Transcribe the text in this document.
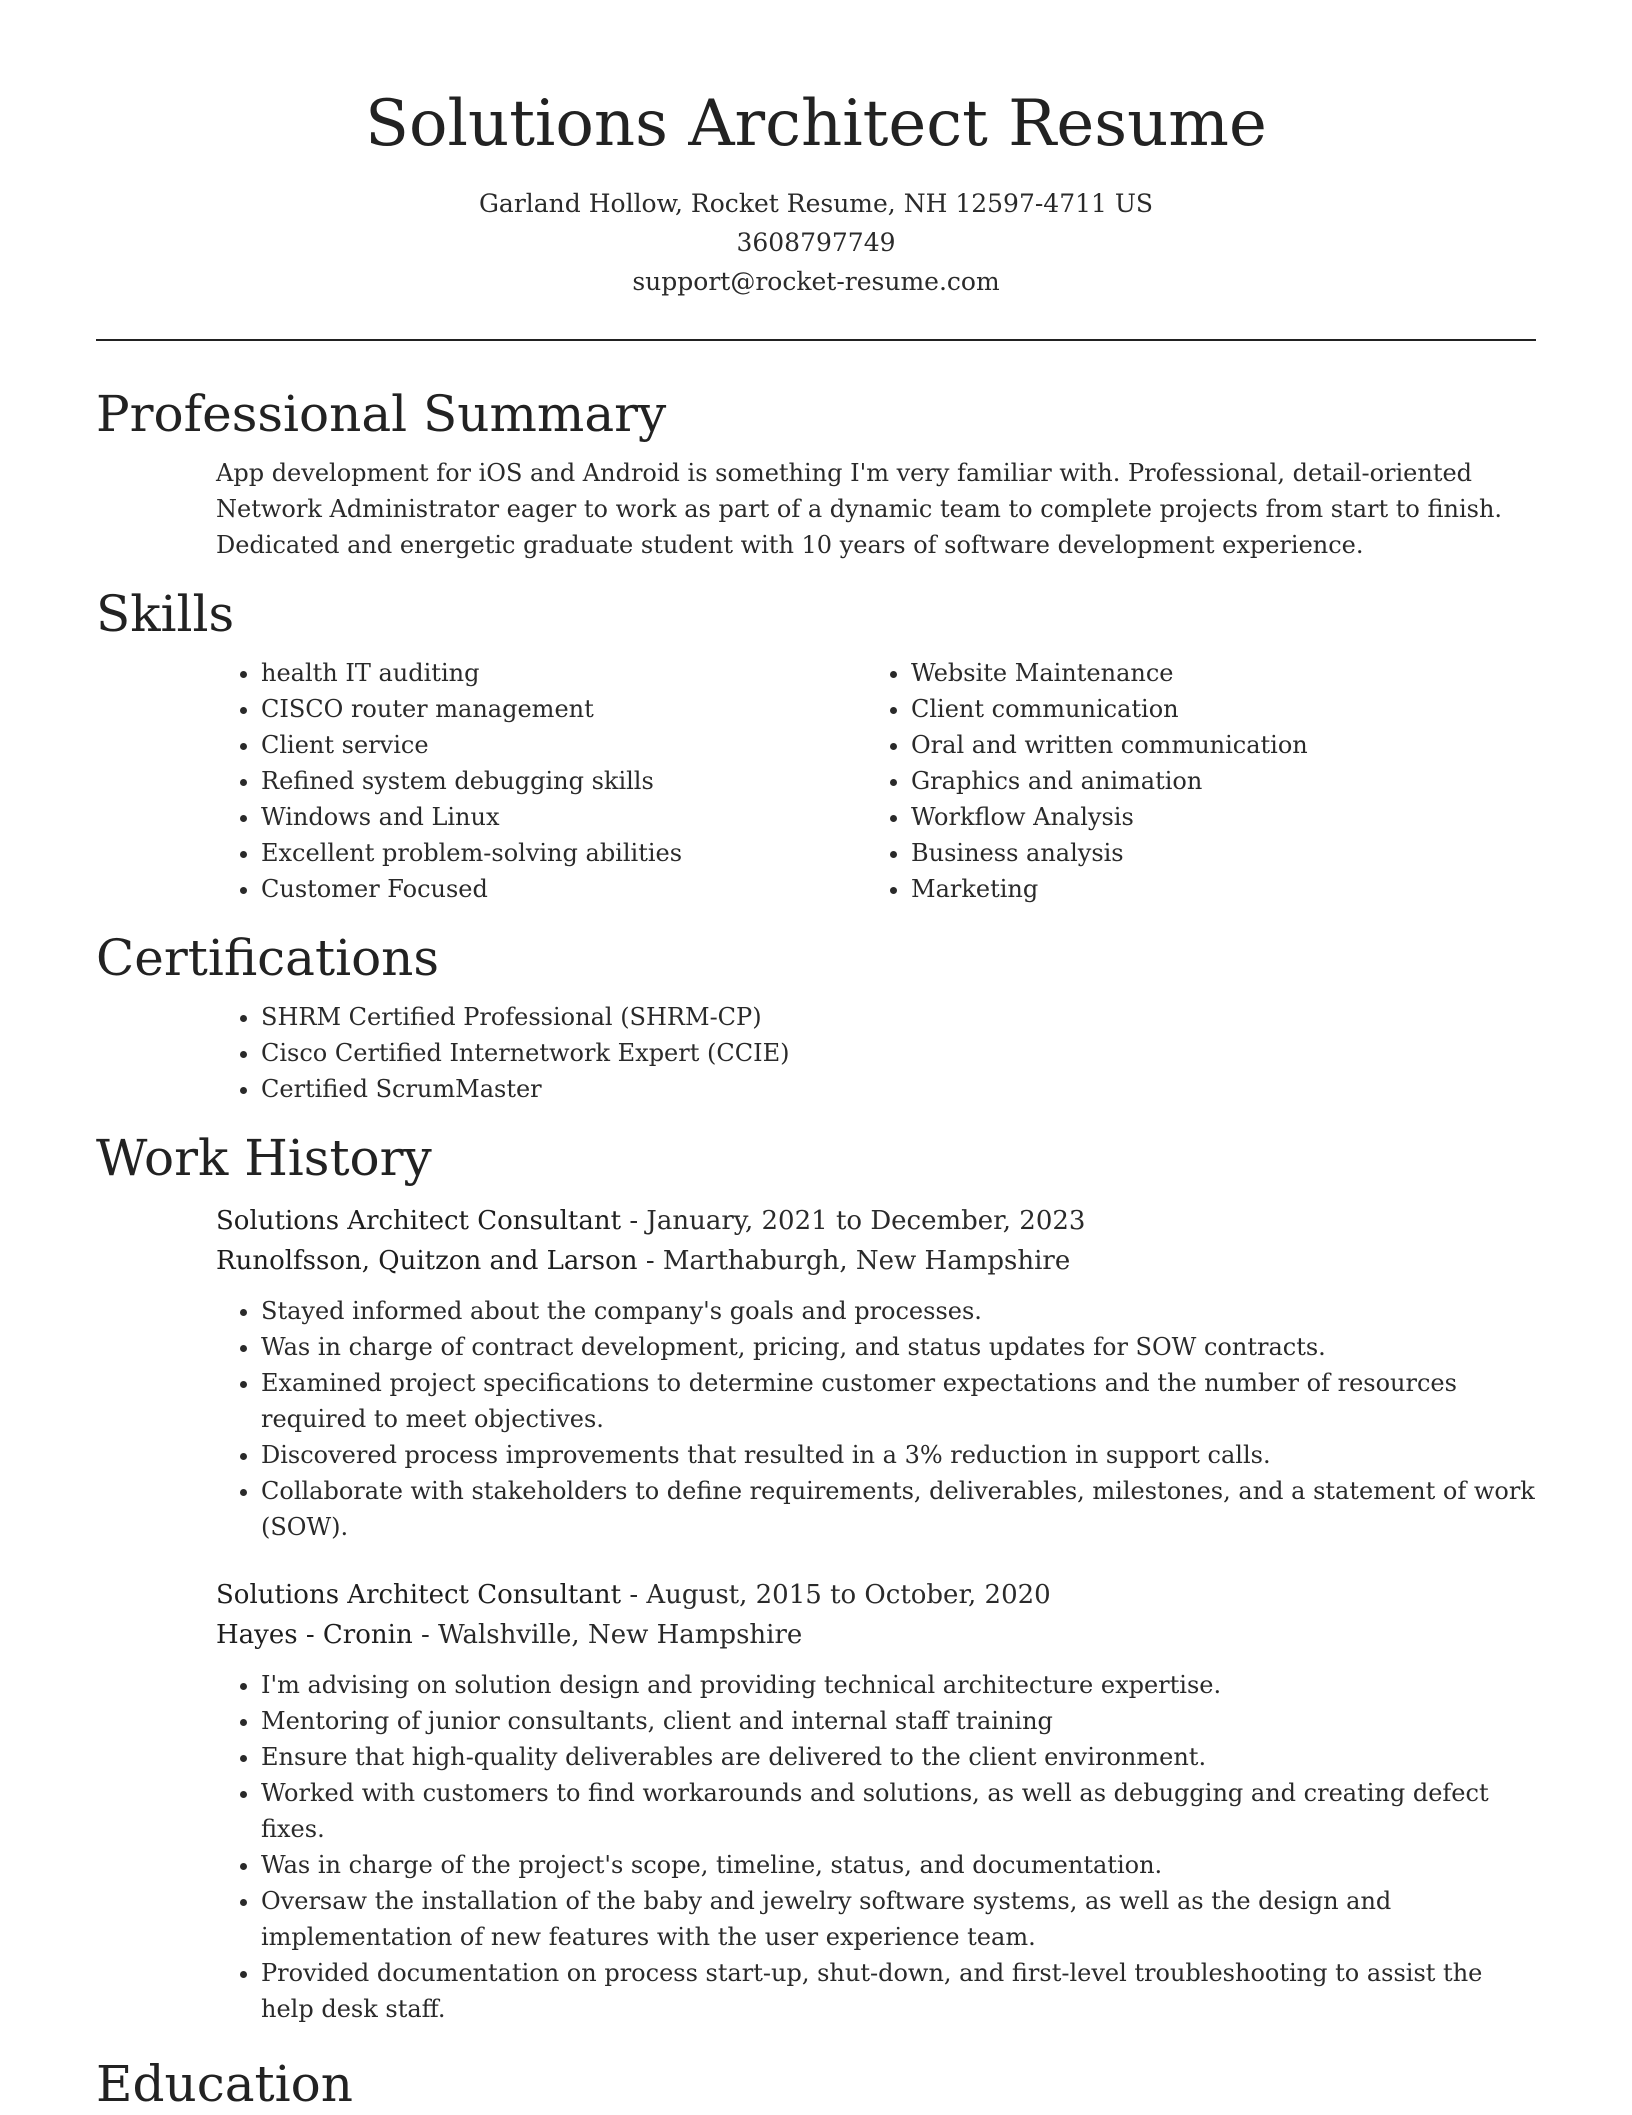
Solutions Architect Resume
Garland Hollow, Rocket Resume, NH 12597-4711 US
3608797749
support@rocket-resume.com
Professional Summary

App development for iOS and Android is something I'm very familiar with. Professional, detail-oriented Network Administrator eager to work as part of a dynamic team to complete projects from start to finish. Dedicated and energetic graduate student with 10 years of software development experience.

Skills
• health IT auditing
• CISCO router management
• Client service
• Refined system debugging skills
• Windows and Linux
• Excellent problem-solving abilities
• Customer Focused
• Website Maintenance
• Client communication
• Oral and written communication
• Graphics and animation
• Workflow Analysis
• Business analysis
• Marketing
Certifications
• SHRM Certified Professional (SHRM-CP)
• Cisco Certified Internetwork Expert (CCIE)
• Certified ScrumMaster
Work History
Solutions Architect Consultant - January, 2021 to December, 2023
Runolfsson, Quitzon and Larson - Marthaburgh, New Hampshire
• Stayed informed about the company's goals and processes.
• Was in charge of contract development, pricing, and status updates for SOW contracts.
• Examined project specifications to determine customer expectations and the number of resources required to meet objectives.
• Discovered process improvements that resulted in a 3% reduction in support calls.
• Collaborate with stakeholders to define requirements, deliverables, milestones, and a statement of work (SOW).
Solutions Architect Consultant - August, 2015 to October, 2020
Hayes - Cronin - Walshville, New Hampshire
• I'm advising on solution design and providing technical architecture expertise.
• Mentoring of junior consultants, client and internal staff training
• Ensure that high-quality deliverables are delivered to the client environment.
• Worked with customers to find workarounds and solutions, as well as debugging and creating defect fixes.
• Was in charge of the project's scope, timeline, status, and documentation.
• Oversaw the installation of the baby and jewelry software systems, as well as the design and implementation of new features with the user experience team.
• Provided documentation on process start-up, shut-down, and first-level troubleshooting to assist the help desk staff.
Education
